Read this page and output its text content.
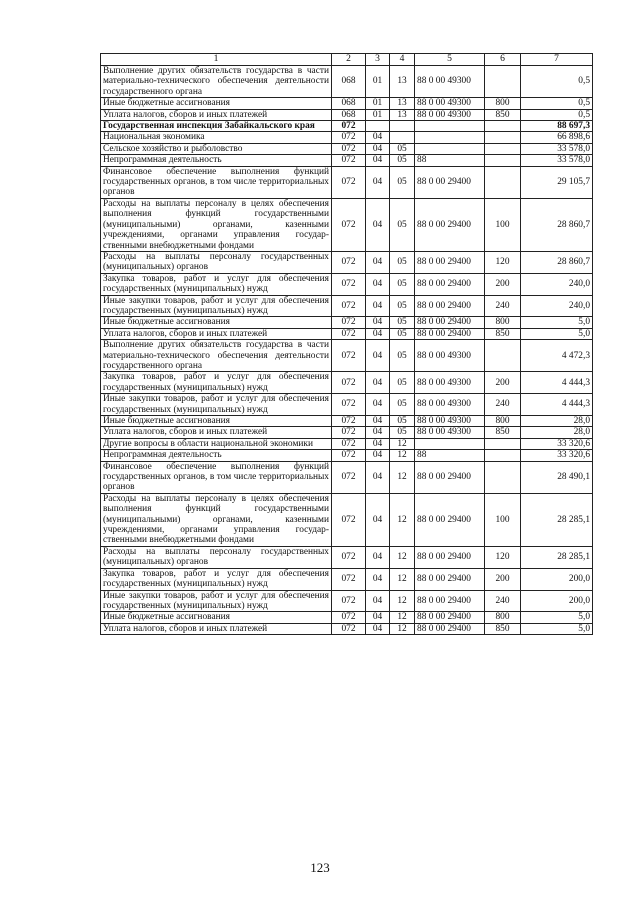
1	2	3	4	5	6	7
Выполнение других обязательств государства в части материально-технического обеспечения деятельности государственного органа	068	01	13	88 0 00 49300		0,5
Иные бюджетные ассигнования	068	01	13	88 0 00 49300	800	0,5
Уплата налогов, сборов и иных платежей	068	01	13	88 0 00 49300	850	0,5
Государственная инспекция Забайкальского края	072					88 697,3
Национальная экономика	072	04				66 898,6
Сельское хозяйство и рыболовство	072	04	05			33 578,0
Непрограммная деятельность	072	04	05	88		33 578,0
Финансовое обеспечение выполнения функций государственных органов, в том числе территориальных органов	072	04	05	88 0 00 29400		29 105,7
Расходы на выплаты персоналу в целях обеспечения выполнения функций государственными (муниципальными) органами, казенными учреждениями, органами управления государственными внебюджетными фондами	072	04	05	88 0 00 29400	100	28 860,7
Расходы на выплаты персоналу государственных (муниципальных) органов	072	04	05	88 0 00 29400	120	28 860,7
Закупка товаров, работ и услуг для обеспечения государственных (муниципальных) нужд	072	04	05	88 0 00 29400	200	240,0
Иные закупки товаров, работ и услуг для обеспечения государственных (муниципальных) нужд	072	04	05	88 0 00 29400	240	240,0
Иные бюджетные ассигнования	072	04	05	88 0 00 29400	800	5,0
Уплата налогов, сборов и иных платежей	072	04	05	88 0 00 29400	850	5,0
Выполнение других обязательств государства в части материально-технического обеспечения деятельности государственного органа	072	04	05	88 0 00 49300		4 472,3
Закупка товаров, работ и услуг для обеспечения государственных (муниципальных) нужд	072	04	05	88 0 00 49300	200	4 444,3
Иные закупки товаров, работ и услуг для обеспечения государственных (муниципальных) нужд	072	04	05	88 0 00 49300	240	4 444,3
Иные бюджетные ассигнования	072	04	05	88 0 00 49300	800	28,0
Уплата налогов, сборов и иных платежей	072	04	05	88 0 00 49300	850	28,0
Другие вопросы в области национальной экономики	072	04	12			33 320,6
Непрограммная деятельность	072	04	12	88		33 320,6
Финансовое обеспечение выполнения функций государственных органов, в том числе территориальных органов	072	04	12	88 0 00 29400		28 490,1
Расходы на выплаты персоналу в целях обеспечения выполнения функций государственными (муниципальными) органами, казенными учреждениями, органами управления государственными внебюджетными фондами	072	04	12	88 0 00 29400	100	28 285,1
Расходы на выплаты персоналу государственных (муниципальных) органов	072	04	12	88 0 00 29400	120	28 285,1
Закупка товаров, работ и услуг для обеспечения государственных (муниципальных) нужд	072	04	12	88 0 00 29400	200	200,0
Иные закупки товаров, работ и услуг для обеспечения государственных (муниципальных) нужд	072	04	12	88 0 00 29400	240	200,0
Иные бюджетные ассигнования	072	04	12	88 0 00 29400	800	5,0
Уплата налогов, сборов и иных платежей	072	04	12	88 0 00 29400	850	5,0
123
